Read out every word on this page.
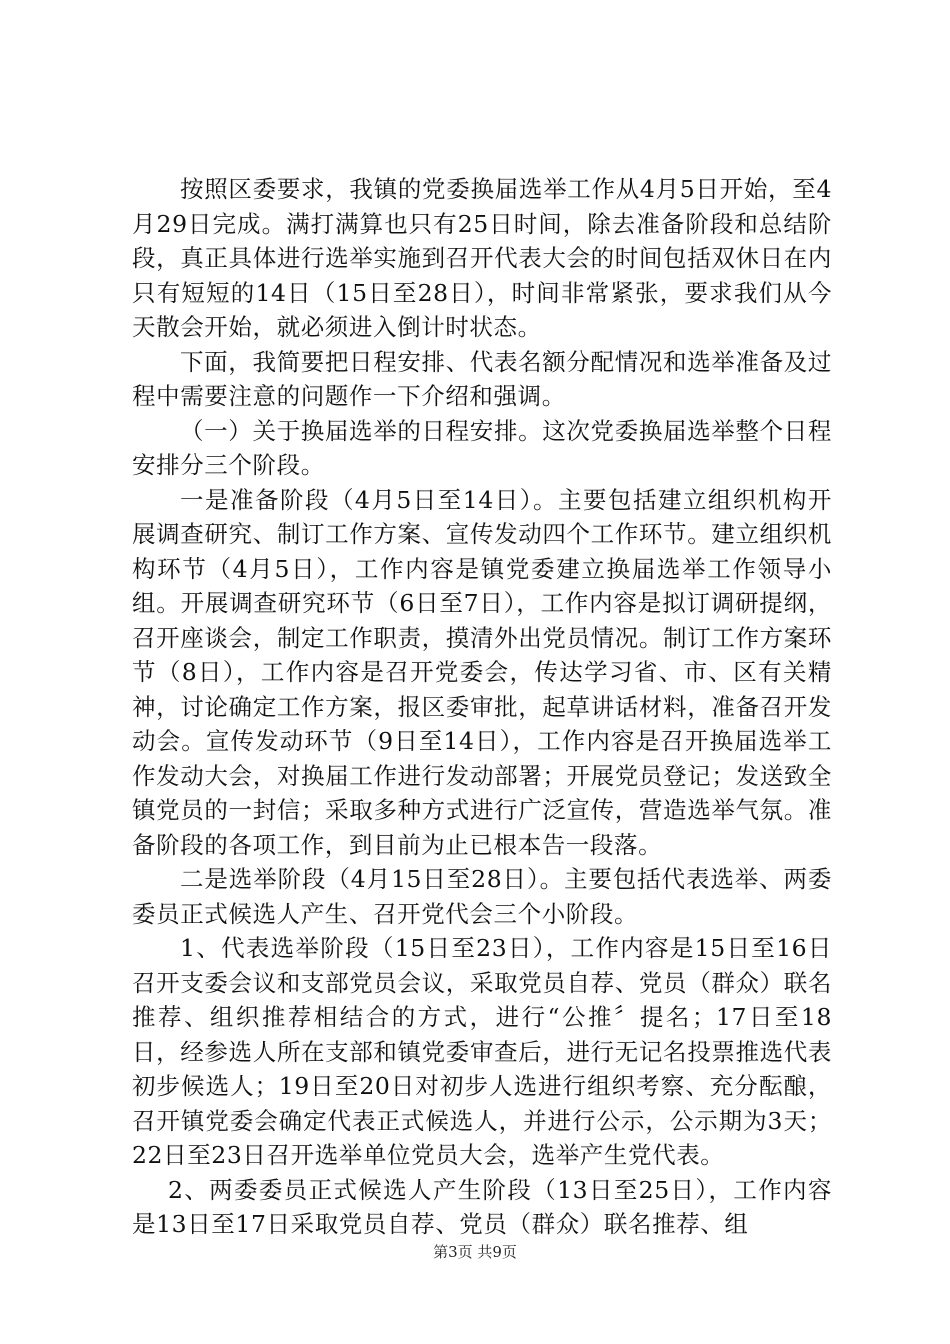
按照区委要求，我镇的党委换届选举工作从4月5日开始，至4月29日完成。满打满算也只有25日时间，除去准备阶段和总结阶段，真正具体进行选举实施到召开代表大会的时间包括双休日在内只有短短的14日（15日至28日），时间非常紧张，要求我们从今天散会开始，就必须进入倒计时状态。

下面，我简要把日程安排、代表名额分配情况和选举准备及过程中需要注意的问题作一下介绍和强调。

（一）关于换届选举的日程安排。这次党委换届选举整个日程安排分三个阶段。

一是准备阶段（4月5日至14日）。主要包括建立组织机构开展调查研究、制订工作方案、宣传发动四个工作环节。建立组织机构环节（4月5日），工作内容是镇党委建立换届选举工作领导小组。开展调查研究环节（6日至7日），工作内容是拟订调研提纲，召开座谈会，制定工作职责，摸清外出党员情况。制订工作方案环节（8日），工作内容是召开党委会，传达学习省、市、区有关精神，讨论确定工作方案，报区委审批，起草讲话材料，准备召开发动会。宣传发动环节（9日至14日），工作内容是召开换届选举工作发动大会，对换届工作进行发动部署；开展党员登记；发送致全镇党员的一封信；采取多种方式进行广泛宣传，营造选举气氛。准备阶段的各项工作，到目前为止已根本告一段落。

二是选举阶段（4月15日至28日）。主要包括代表选举、两委委员正式候选人产生、召开党代会三个小阶段。

1、代表选举阶段（15日至23日），工作内容是15日至16日召开支委会议和支部党员会议，采取党员自荐、党员（群众）联名推荐、组织推荐相结合的方式，进行“公推〞提名；17日至18日，经参选人所在支部和镇党委审查后，进行无记名投票推选代表初步候选人；19日至20日对初步人选进行组织考察、充分酝酿，召开镇党委会确定代表正式候选人，并进行公示，公示期为3天；22日至23日召开选举单位党员大会，选举产生党代表。

2、两委委员正式候选人产生阶段（13日至25日），工作内容是13日至17日采取党员自荐、党员（群众）联名推荐、组

第3页 共9页
